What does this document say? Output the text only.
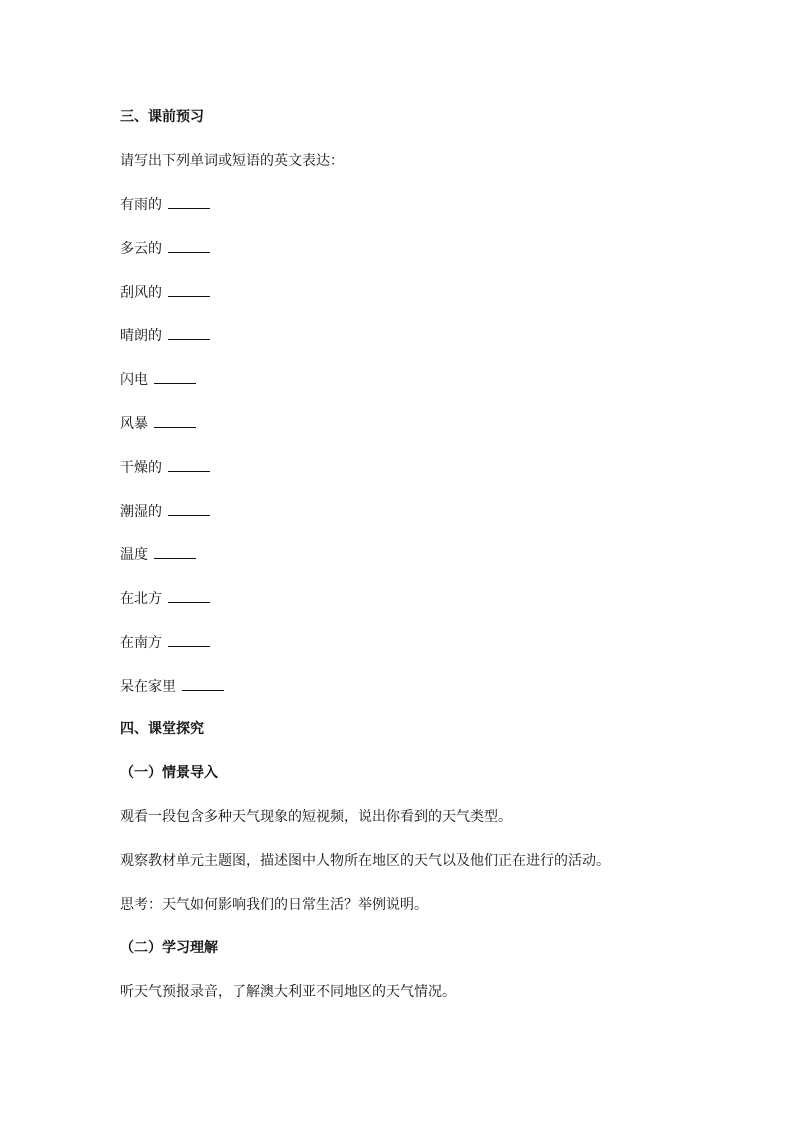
三、课前预习
请写出下列单词或短语的英文表达：
有雨的
多云的
刮风的
晴朗的
闪电
风暴
干燥的
潮湿的
温度
在北方
在南方
呆在家里
四、课堂探究
（一）情景导入
观看一段包含多种天气现象的短视频，说出你看到的天气类型。
观察教材单元主题图，描述图中人物所在地区的天气以及他们正在进行的活动。
思考：天气如何影响我们的日常生活？举例说明。
（二）学习理解
听天气预报录音，了解澳大利亚不同地区的天气情况。
